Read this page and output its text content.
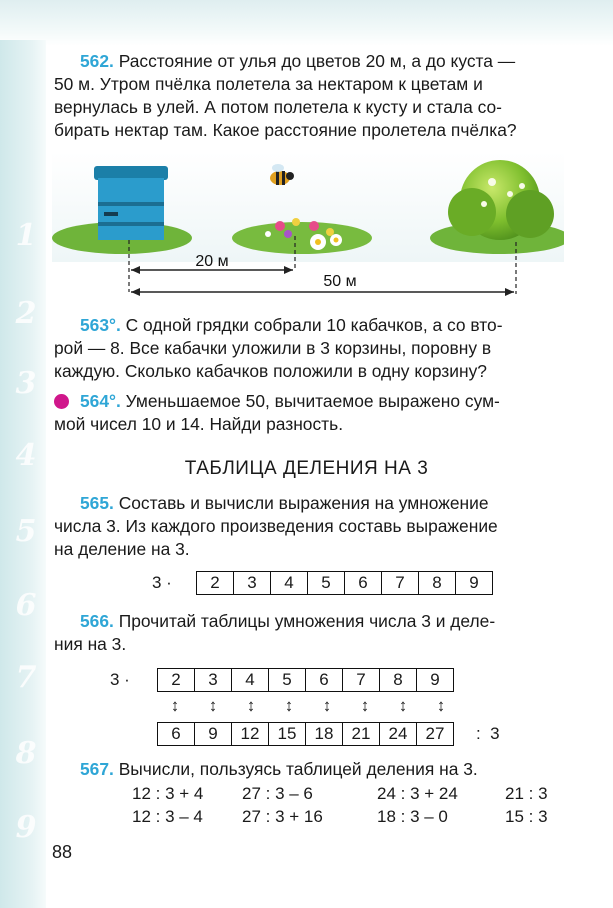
1
2
3
4
5
6
7
8
9
562. Расстояние от улья до цветов 20 м, а до куста —
50 м. Утром пчёлка полетела за нектаром к цветам и
вернулась в улей. А потом полетела к кусту и стала со-
бирать нектар там. Какое расстояние пролетела пчёлка?
20 м
50 м
563°. С одной грядки собрали 10 кабачков, а со вто-
рой — 8. Все кабачки уложили в 3 корзины, поровну в
каждую. Сколько кабачков положили в одну корзину?
564°. Уменьшаемое 50, вычитаемое выражено сум-
мой чисел 10 и 14. Найди разность.
ТАБЛИЦА ДЕЛЕНИЯ НА 3
565. Составь и вычисли выражения на умножение
числа 3. Из каждого произведения составь выражение
на деление на 3.
3 · 2	3	4	5	6	7	8	9
566. Прочитай таблицы умножения числа 3 и деле-
ния на 3.
3 · 2	3	4	5	6	7	8	9
↕	↕	↕	↕	↕	↕	↕	↕
6	9	12	15	18	21	24	27 :  3
567. Вычисли, пользуясь таблицей деления на 3.
12 : 3 + 4	27 : 3 – 6	24 : 3 + 24	21 : 3
12 : 3 – 4	27 : 3 + 16	18 : 3 – 0	15 : 3
88
